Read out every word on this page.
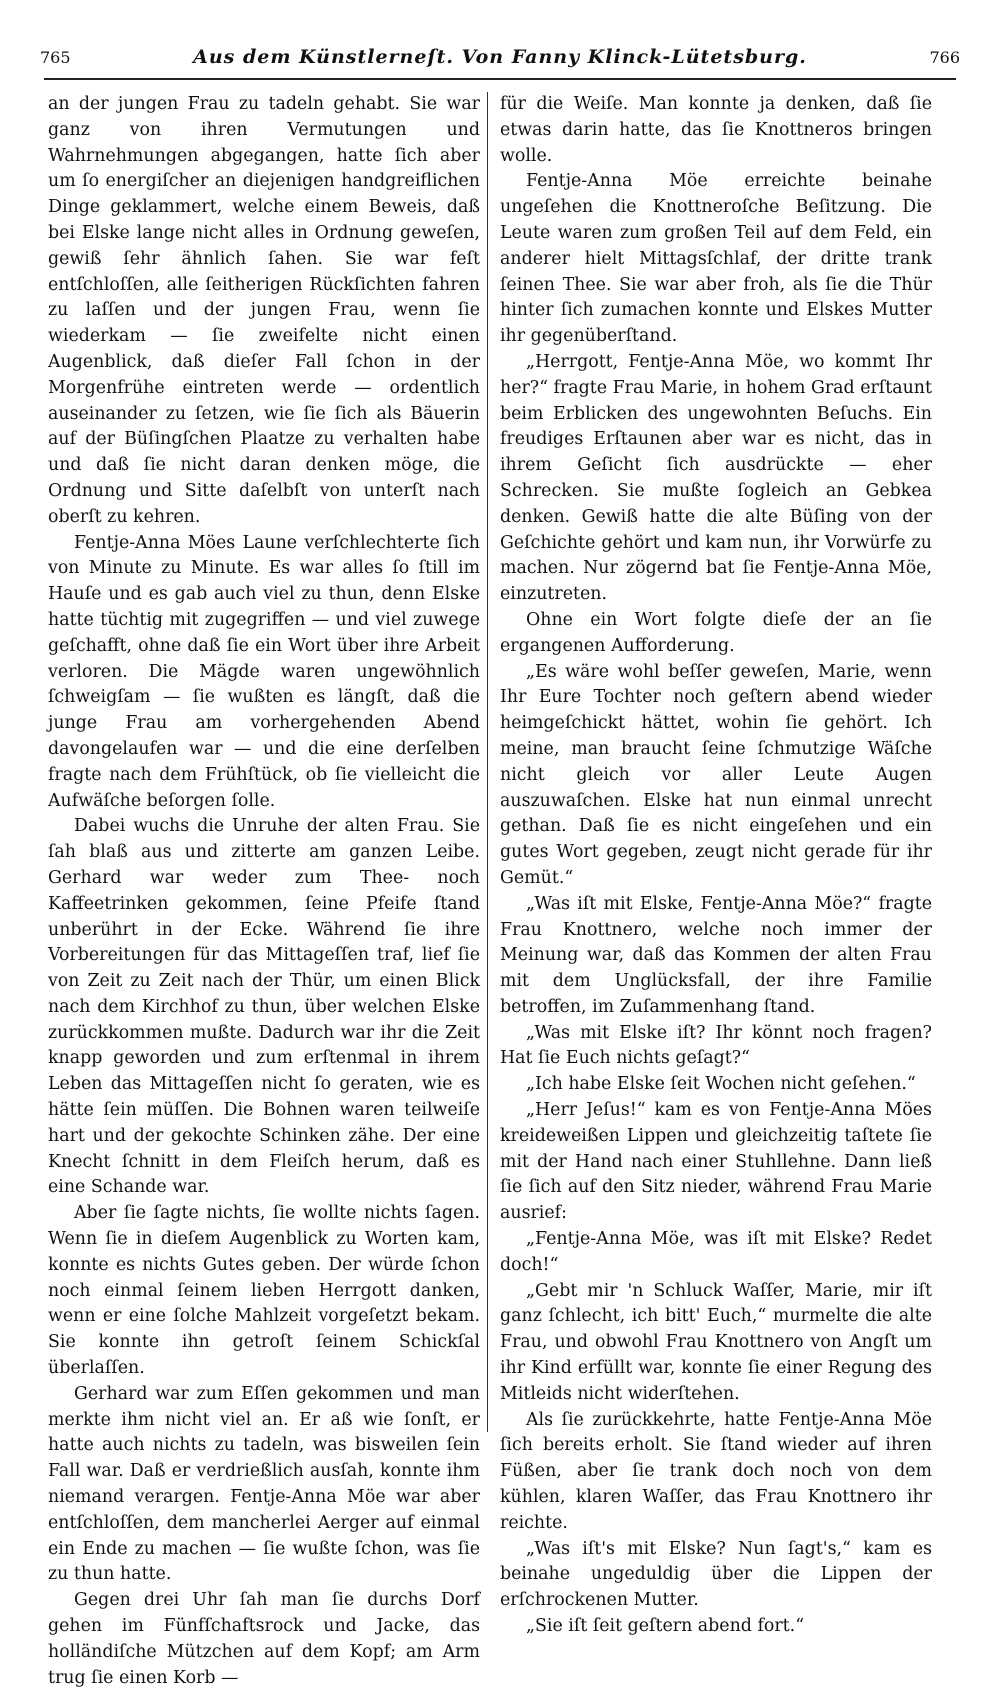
765	Aus dem Künstlerneſt. Von Fanny Klinck-Lütetsburg.	766

an der jungen Frau zu tadeln gehabt. Sie war ganz von ihren Vermutungen und Wahrnehmungen abgegangen, hatte ſich aber um ſo energiſcher an diejenigen handgreiflichen Dinge geklammert, welche einem Beweis, daß bei Elske lange nicht alles in Ordnung geweſen, gewiß ſehr ähnlich ſahen. Sie war feſt entſchloſſen, alle ſeitherigen Rückſichten fahren zu laſſen und der jungen Frau, wenn ſie wiederkam — ſie zweifelte nicht einen Augenblick, daß dieſer Fall ſchon in der Morgenfrühe eintreten werde — ordentlich auseinander zu ſetzen, wie ſie ſich als Bäuerin auf der Büſingſchen Plaatze zu verhalten habe und daß ſie nicht daran denken möge, die Ordnung und Sitte daſelbſt von unterſt nach oberſt zu kehren.

Fentje-Anna Möes Laune verſchlechterte ſich von Minute zu Minute. Es war alles ſo ſtill im Hauſe und es gab auch viel zu thun, denn Elske hatte tüchtig mit zugegriffen — und viel zuwege geſchafft, ohne daß ſie ein Wort über ihre Arbeit verloren. Die Mägde waren ungewöhnlich ſchweigſam — ſie wußten es längſt, daß die junge Frau am vorhergehenden Abend davongelaufen war — und die eine derſelben fragte nach dem Frühſtück, ob ſie vielleicht die Aufwäſche beſorgen ſolle.

Dabei wuchs die Unruhe der alten Frau. Sie ſah blaß aus und zitterte am ganzen Leibe. Gerhard war weder zum Thee- noch Kaffeetrinken gekommen, ſeine Pfeife ſtand unberührt in der Ecke. Während ſie ihre Vorbereitungen für das Mittageſſen traf, lief ſie von Zeit zu Zeit nach der Thür, um einen Blick nach dem Kirchhof zu thun, über welchen Elske zurückkommen mußte. Dadurch war ihr die Zeit knapp geworden und zum erſtenmal in ihrem Leben das Mittageſſen nicht ſo geraten, wie es hätte ſein müſſen. Die Bohnen waren teilweiſe hart und der gekochte Schinken zähe. Der eine Knecht ſchnitt in dem Fleiſch herum, daß es eine Schande war.

Aber ſie ſagte nichts, ſie wollte nichts ſagen. Wenn ſie in dieſem Augenblick zu Worten kam, konnte es nichts Gutes geben. Der würde ſchon noch einmal ſeinem lieben Herrgott danken, wenn er eine ſolche Mahlzeit vorgeſetzt bekam. Sie konnte ihn getroſt ſeinem Schickſal überlaſſen.

Gerhard war zum Eſſen gekommen und man merkte ihm nicht viel an. Er aß wie ſonſt, er hatte auch nichts zu tadeln, was bisweilen ſein Fall war. Daß er verdrießlich ausſah, konnte ihm niemand verargen. Fentje-Anna Möe war aber entſchloſſen, dem mancherlei Aerger auf einmal ein Ende zu machen — ſie wußte ſchon, was ſie zu thun hatte.

Gegen drei Uhr ſah man ſie durchs Dorf gehen im Fünfſchaftsrock und Jacke, das holländiſche Mützchen auf dem Kopf; am Arm trug ſie einen Korb —

für die Weiſe. Man konnte ja denken, daß ſie etwas darin hatte, das ſie Knottneros bringen wolle.

Fentje-Anna Möe erreichte beinahe ungeſehen die Knottneroſche Beſitzung. Die Leute waren zum großen Teil auf dem Feld, ein anderer hielt Mittagsſchlaf, der dritte trank ſeinen Thee. Sie war aber froh, als ſie die Thür hinter ſich zumachen konnte und Elskes Mutter ihr gegenüberſtand.

„Herrgott, Fentje-Anna Möe, wo kommt Ihr her?“ fragte Frau Marie, in hohem Grad erſtaunt beim Erblicken des ungewohnten Beſuchs. Ein freudiges Erſtaunen aber war es nicht, das in ihrem Geſicht ſich ausdrückte — eher Schrecken. Sie mußte ſogleich an Gebkea denken. Gewiß hatte die alte Büſing von der Geſchichte gehört und kam nun, ihr Vorwürfe zu machen. Nur zögernd bat ſie Fentje-Anna Möe, einzutreten.

Ohne ein Wort folgte dieſe der an ſie ergangenen Aufforderung.

„Es wäre wohl beſſer geweſen, Marie, wenn Ihr Eure Tochter noch geſtern abend wieder heimgeſchickt hättet, wohin ſie gehört. Ich meine, man braucht ſeine ſchmutzige Wäſche nicht gleich vor aller Leute Augen auszuwaſchen. Elske hat nun einmal unrecht gethan. Daß ſie es nicht eingeſehen und ein gutes Wort gegeben, zeugt nicht gerade für ihr Gemüt.“

„Was iſt mit Elske, Fentje-Anna Möe?“ fragte Frau Knottnero, welche noch immer der Meinung war, daß das Kommen der alten Frau mit dem Unglücksfall, der ihre Familie betroffen, im Zuſammenhang ſtand.

„Was mit Elske iſt? Ihr könnt noch fragen? Hat ſie Euch nichts geſagt?“

„Ich habe Elske ſeit Wochen nicht geſehen.“

„Herr Jeſus!“ kam es von Fentje-Anna Möes kreideweißen Lippen und gleichzeitig taſtete ſie mit der Hand nach einer Stuhllehne. Dann ließ ſie ſich auf den Sitz nieder, während Frau Marie ausrief:

„Fentje-Anna Möe, was iſt mit Elske? Redet doch!“

„Gebt mir 'n Schluck Waſſer, Marie, mir iſt ganz ſchlecht, ich bitt' Euch,“ murmelte die alte Frau, und obwohl Frau Knottnero von Angſt um ihr Kind erfüllt war, konnte ſie einer Regung des Mitleids nicht widerſtehen.

Als ſie zurückkehrte, hatte Fentje-Anna Möe ſich bereits erholt. Sie ſtand wieder auf ihren Füßen, aber ſie trank doch noch von dem kühlen, klaren Waſſer, das Frau Knottnero ihr reichte.

„Was iſt's mit Elske? Nun ſagt's,“ kam es beinahe ungeduldig über die Lippen der erſchrockenen Mutter.

„Sie iſt ſeit geſtern abend fort.“
